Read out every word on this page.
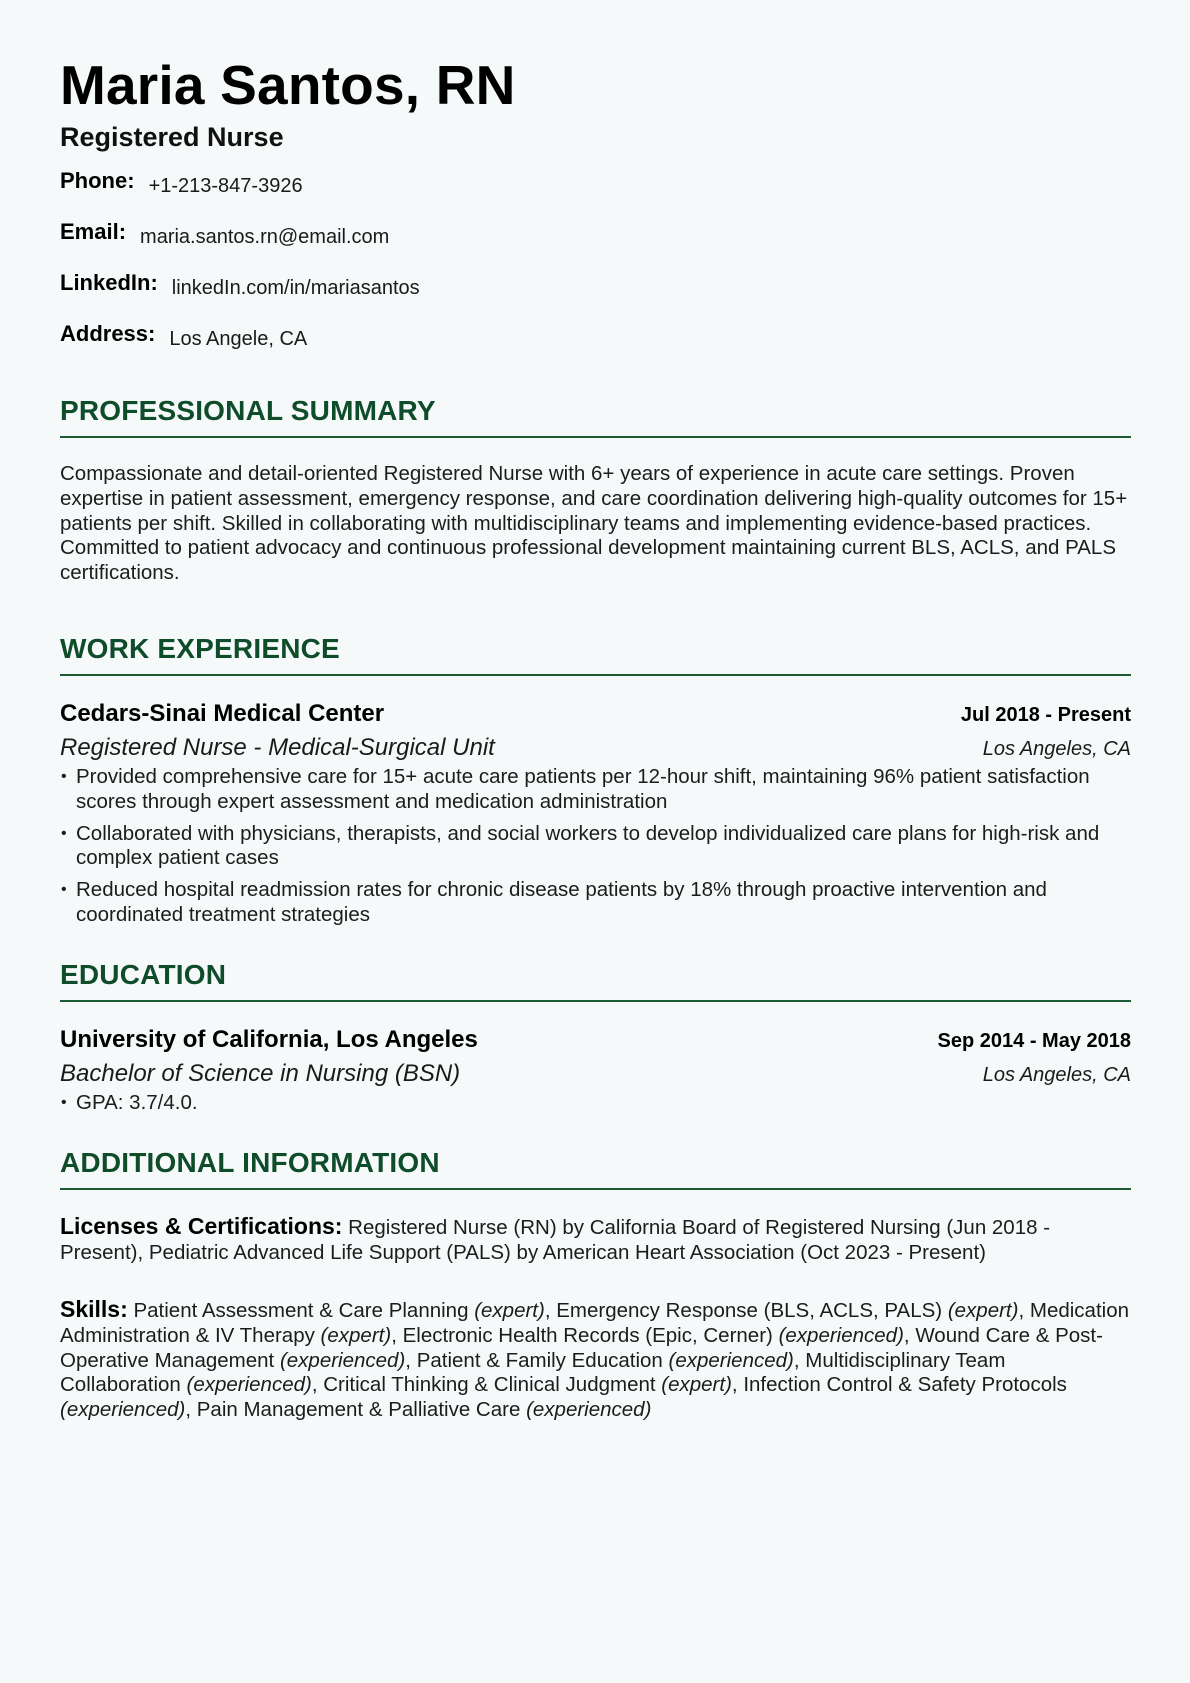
Maria Santos, RN
Registered Nurse
Phone: +1-213-847-3926
Email: maria.santos.rn@email.com
LinkedIn: linkedIn.com/in/mariasantos
Address: Los Angele, CA
PROFESSIONAL SUMMARY

Compassionate and detail-oriented Registered Nurse with 6+ years of experience in acute care settings. Proven expertise in patient assessment, emergency response, and care coordination delivering high-quality outcomes for 15+ patients per shift. Skilled in collaborating with multidisciplinary teams and implementing evidence-based practices. Committed to patient advocacy and continuous professional development maintaining current BLS, ACLS, and PALS certifications.

WORK EXPERIENCE
Cedars-Sinai Medical Center	Jul 2018 - Present
Registered Nurse - Medical-Surgical Unit	Los Angeles, CA
• Provided comprehensive care for 15+ acute care patients per 12-hour shift, maintaining 96% patient satisfaction scores through expert assessment and medication administration
• Collaborated with physicians, therapists, and social workers to develop individualized care plans for high-risk and complex patient cases
• Reduced hospital readmission rates for chronic disease patients by 18% through proactive intervention and coordinated treatment strategies
EDUCATION
University of California, Los Angeles	Sep 2014 - May 2018
Bachelor of Science in Nursing (BSN)	Los Angeles, CA
• GPA: 3.7/4.0.
ADDITIONAL INFORMATION

Licenses & Certifications: Registered Nurse (RN) by California Board of Registered Nursing (Jun 2018 - Present), Pediatric Advanced Life Support (PALS) by American Heart Association (Oct 2023 - Present)

Skills: Patient Assessment & Care Planning (expert), Emergency Response (BLS, ACLS, PALS) (expert), Medication Administration & IV Therapy (expert), Electronic Health Records (Epic, Cerner) (experienced), Wound Care & Post-Operative Management (experienced), Patient & Family Education (experienced), Multidisciplinary Team Collaboration (experienced), Critical Thinking & Clinical Judgment (expert), Infection Control & Safety Protocols (experienced), Pain Management & Palliative Care (experienced)
